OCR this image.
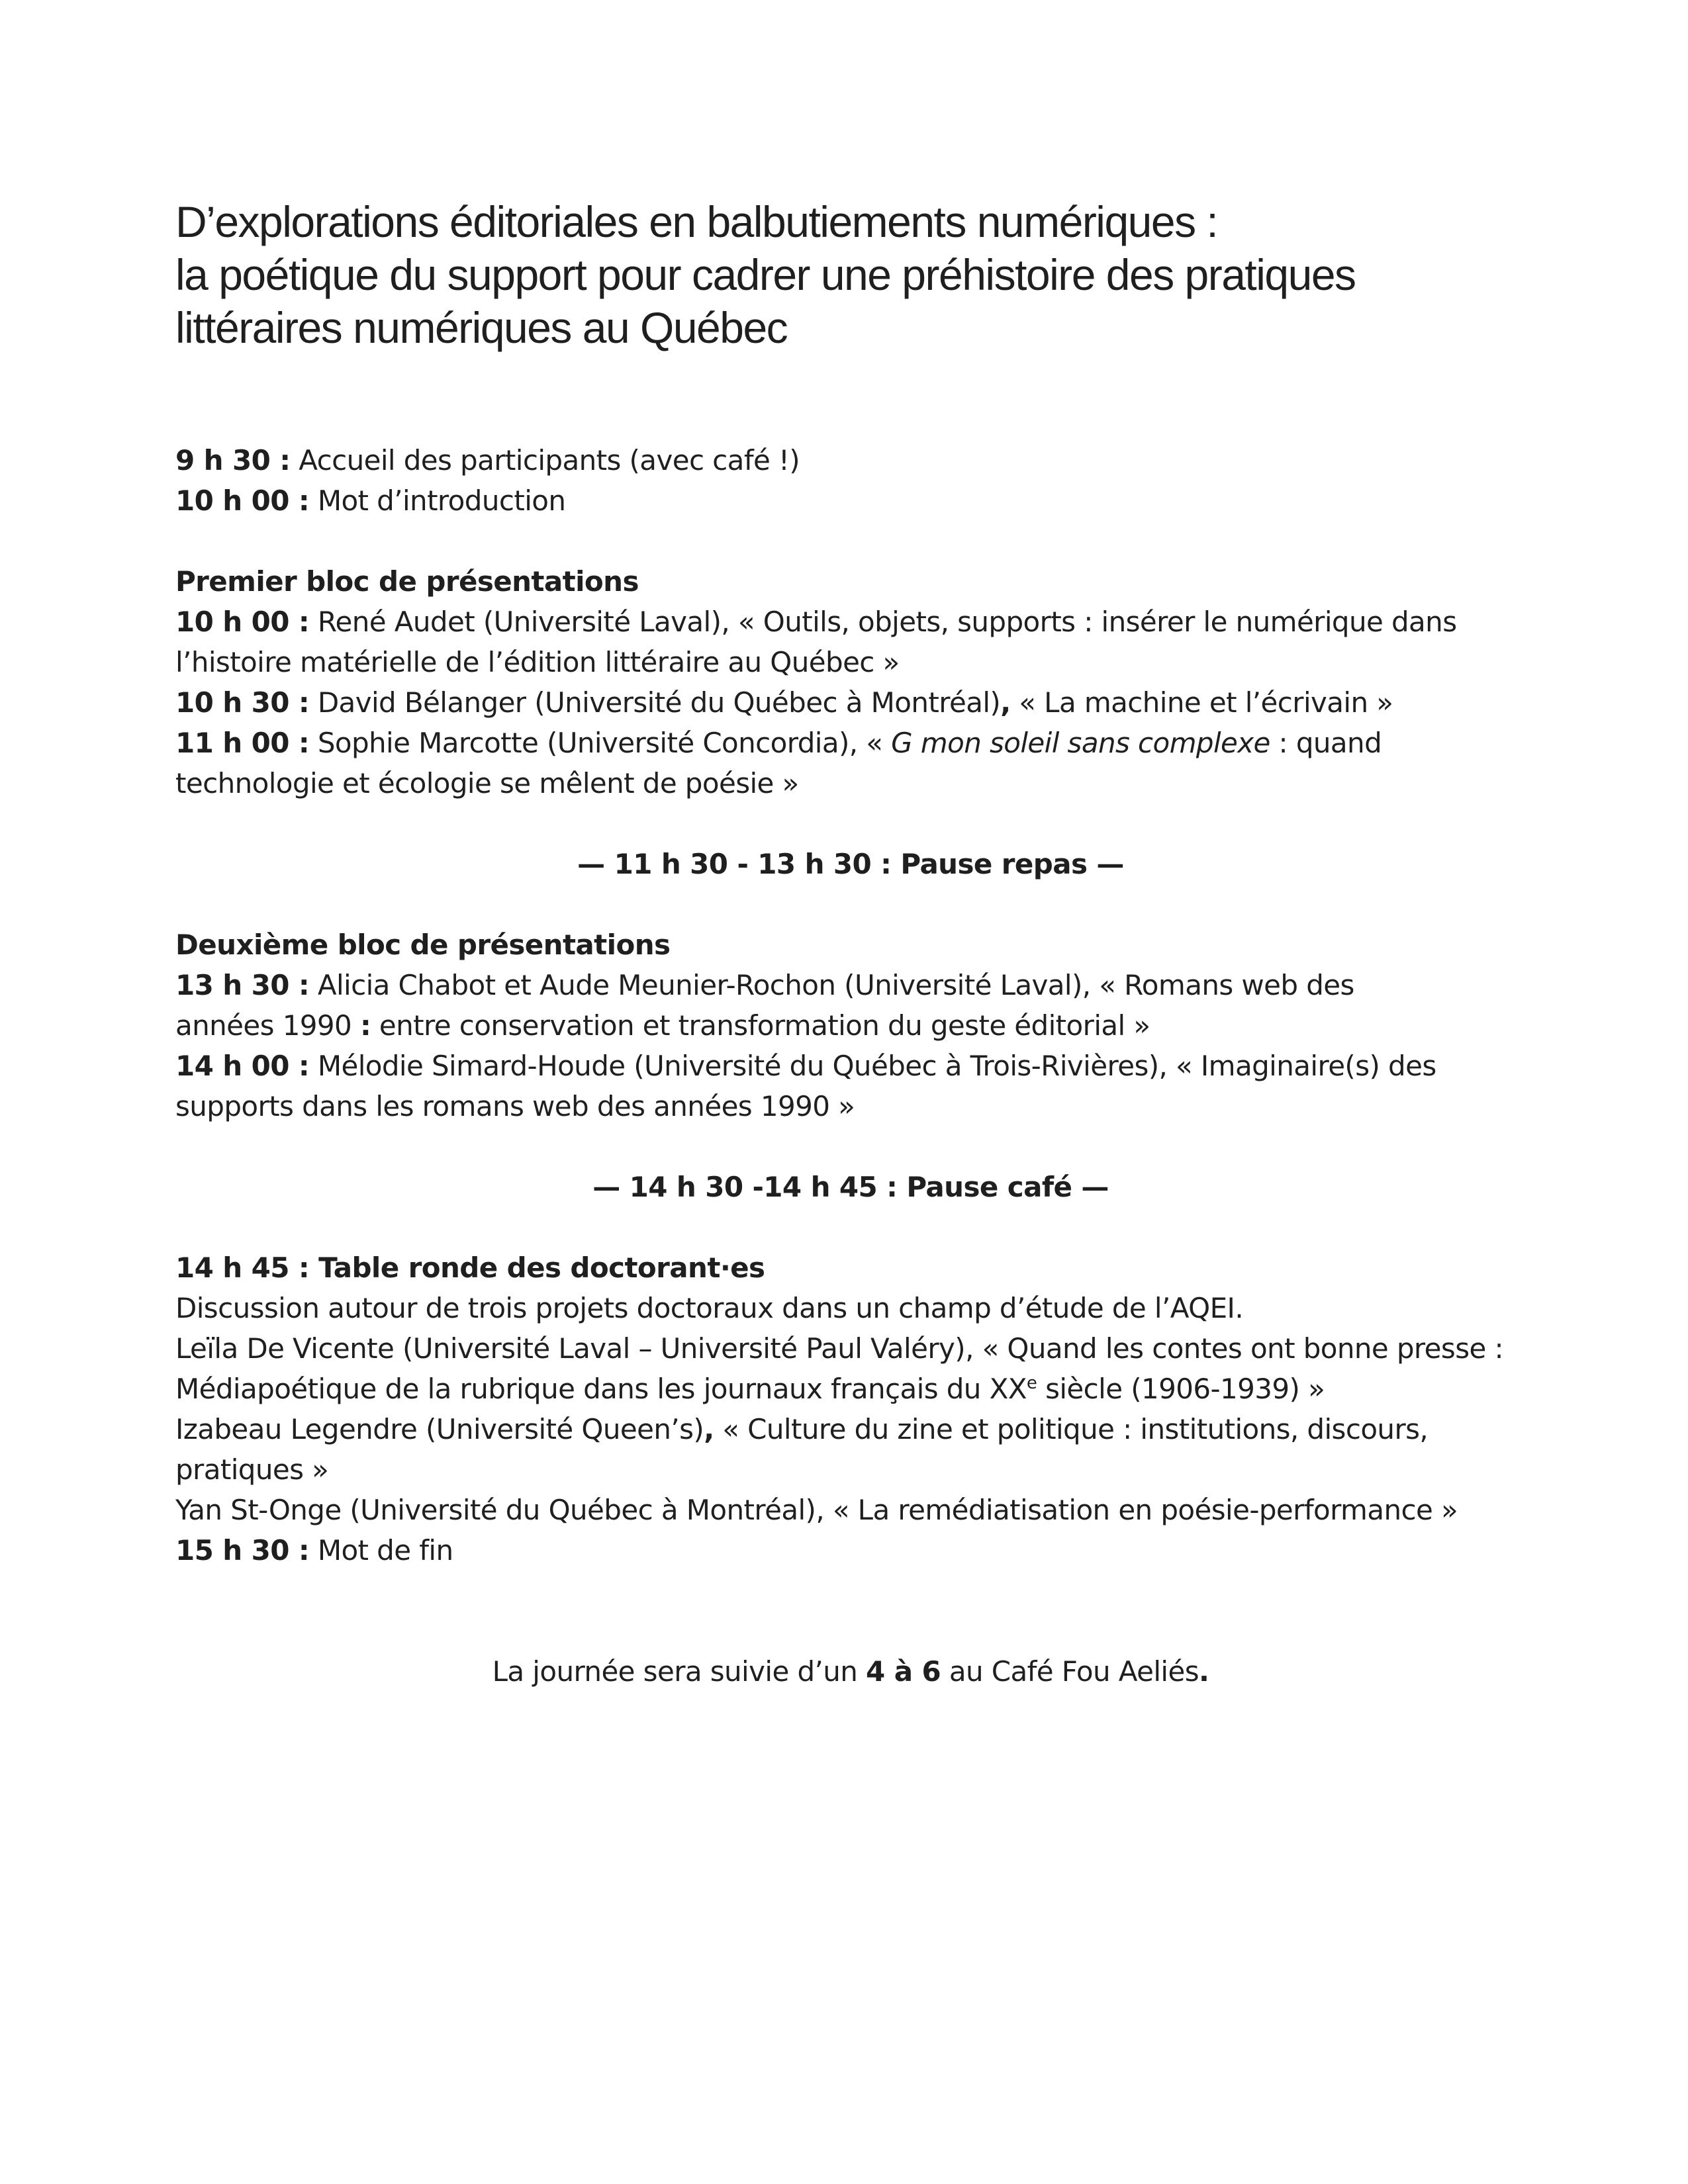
D’explorations éditoriales en balbutiements numériques :
la poétique du support pour cadrer une préhistoire des pratiques
littéraires numériques au Québec
9 h 30 : Accueil des participants (avec café !)
10 h 00 : Mot d’introduction
Premier bloc de présentations
10 h 00 : René Audet (Université Laval), « Outils, objets, supports : insérer le numérique dans
l’histoire matérielle de l’édition littéraire au Québec »
10 h 30 : David Bélanger (Université du Québec à Montréal), « La machine et l’écrivain »
11 h 00 : Sophie Marcotte (Université Concordia), « G mon soleil sans complexe : quand
technologie et écologie se mêlent de poésie »
— 11 h 30 - 13 h 30 : Pause repas —
Deuxième bloc de présentations
13 h 30 : Alicia Chabot et Aude Meunier-Rochon (Université Laval), « Romans web des
années 1990 : entre conservation et transformation du geste éditorial »
14 h 00 : Mélodie Simard-Houde (Université du Québec à Trois-Rivières), « Imaginaire(s) des
supports dans les romans web des années 1990 »
— 14 h 30 -14 h 45 : Pause café —
14 h 45 : Table ronde des doctorant·es
Discussion autour de trois projets doctoraux dans un champ d’étude de l’AQEI.
Leïla De Vicente (Université Laval – Université Paul Valéry), « Quand les contes ont bonne presse :
Médiapoétique de la rubrique dans les journaux français du XXe siècle (1906-1939) »
Izabeau Legendre (Université Queen’s), « Culture du zine et politique : institutions, discours,
pratiques »
Yan St-Onge (Université du Québec à Montréal), « La remédiatisation en poésie-performance »
15 h 30 : Mot de fin
La journée sera suivie d’un 4 à 6 au Café Fou Aeliés.
